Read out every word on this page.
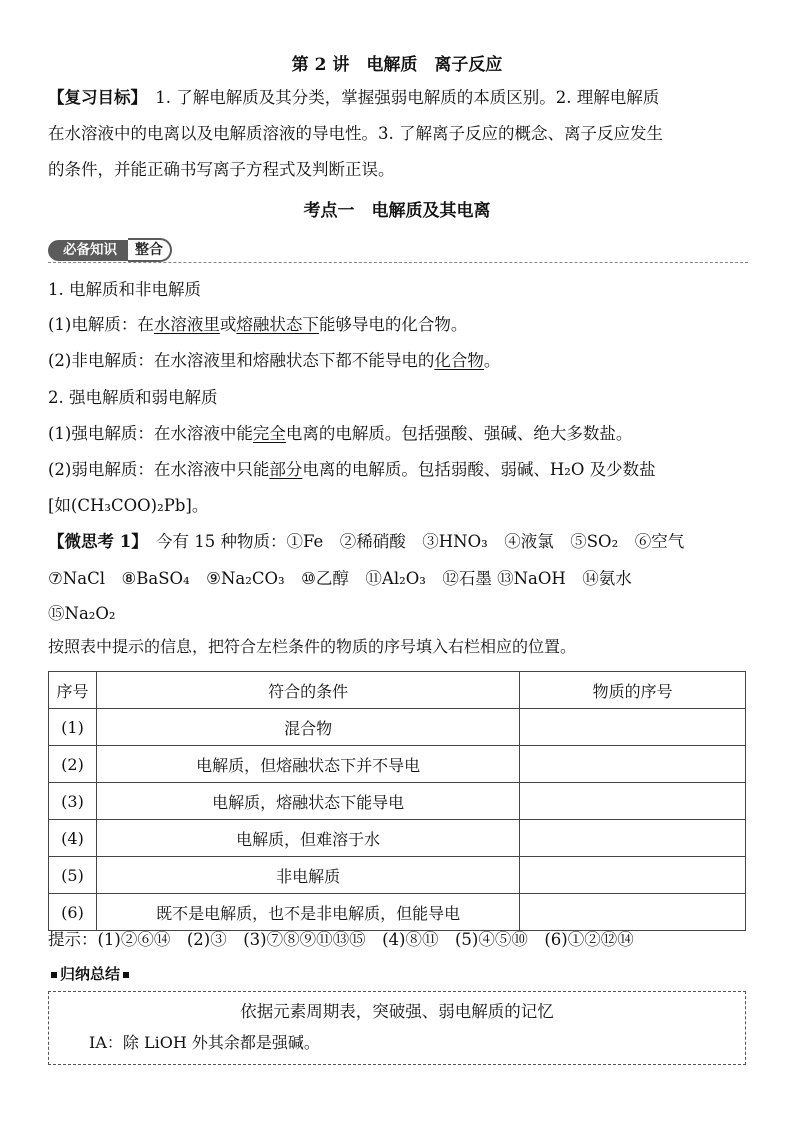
第 2 讲　电解质　离子反应
【复习目标】　 1. 了解电解质及其分类，掌握强弱电解质的本质区别。2. 理解电解质
在水溶液中的电离以及电解质溶液的导电性。3. 了解离子反应的概念、离子反应发生
的条件，并能正确书写离子方程式及判断正误。
考点一　电解质及其电离
必备知识	整合
1. 电解质和非电解质
(1)电解质：在水溶液里或熔融状态下能够导电的化合物。
(2)非电解质：在水溶液里和熔融状态下都不能导电的化合物。
2. 强电解质和弱电解质
(1)强电解质：在水溶液中能完全电离的电解质。包括强酸、强碱、绝大多数盐。
(2)弱电解质：在水溶液中只能部分电离的电解质。包括弱酸、弱碱、H₂O 及少数盐
[如(CH₃COO)₂Pb]。
【微思考 1】　 今有 15 种物质：①Fe　②稀硝酸　③HNO₃　④液氯　⑤SO₂　⑥空气
⑦NaCl　⑧BaSO₄　⑨Na₂CO₃　⑩乙醇　⑪Al₂O₃　⑫石墨 ⑬NaOH　⑭氨水
⑮Na₂O₂
按照表中提示的信息，把符合左栏条件的物质的序号填入右栏相应的位置。
序号	符合的条件	物质的序号
(1)	混合物	
(2)	电解质，但熔融状态下并不导电	
(3)	电解质，熔融状态下能导电	
(4)	电解质，但难溶于水	
(5)	非电解质	
(6)	既不是电解质，也不是非电解质，但能导电	
提示：(1)②⑥⑭　(2)③　(3)⑦⑧⑨⑪⑬⑮　(4)⑧⑪　(5)④⑤⑩　(6)①②⑫⑭
归纳总结
依据元素周期表，突破强、弱电解质的记忆
ⅠA：除 LiOH 外其余都是强碱。
